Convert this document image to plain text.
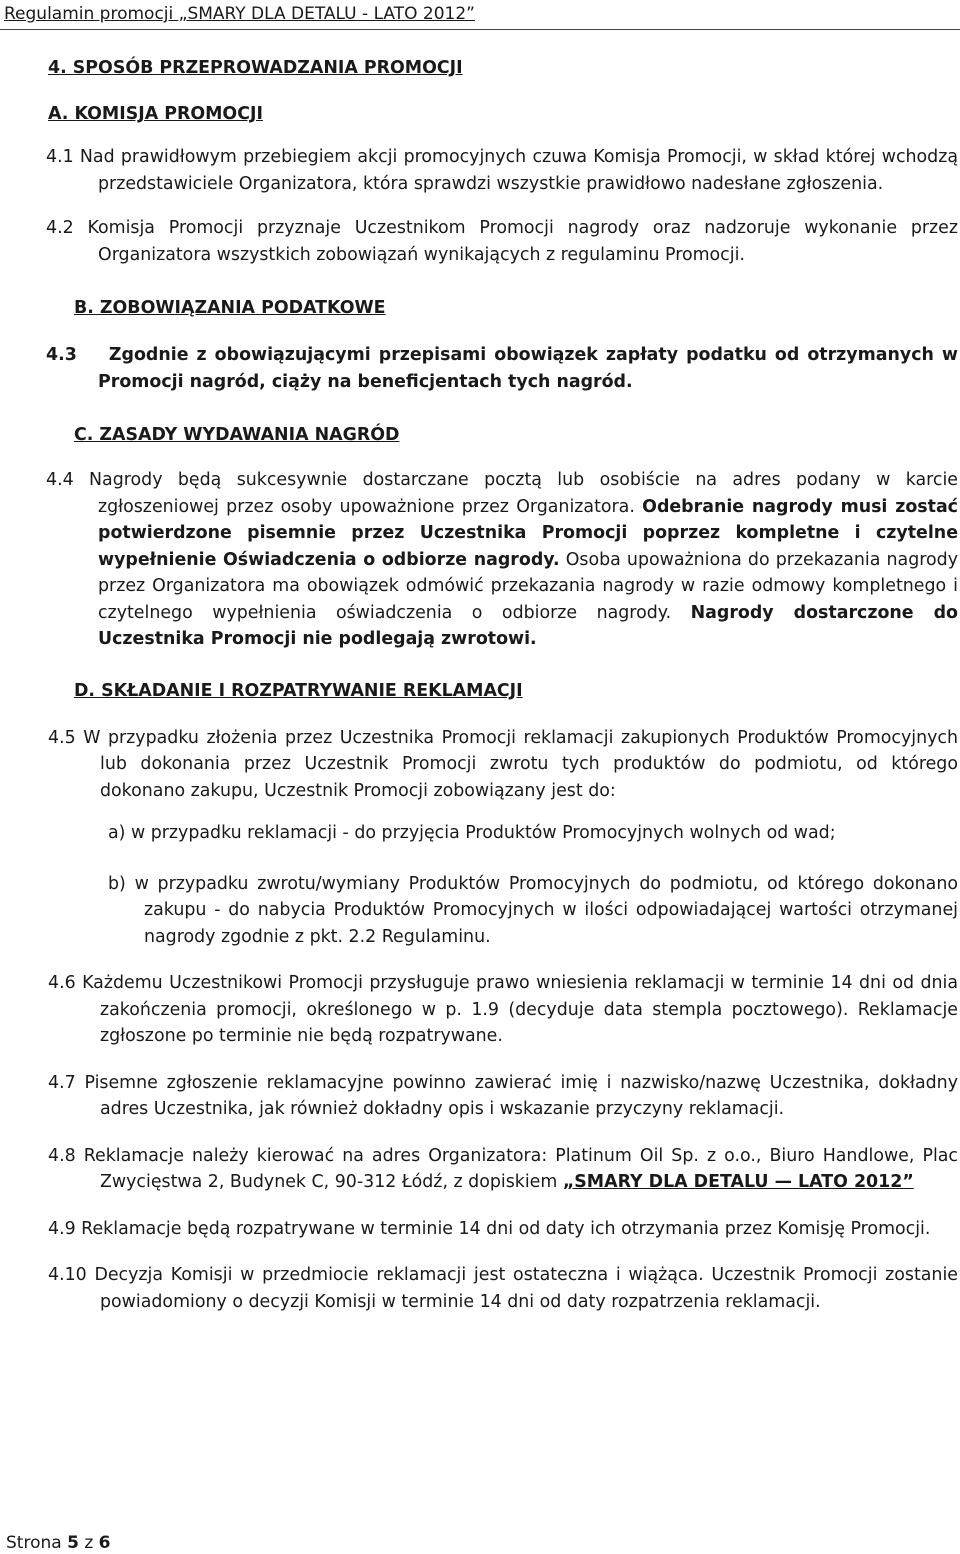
Regulamin promocji „SMARY DLA DETALU - LATO 2012”
4. SPOSÓB PRZEPROWADZANIA PROMOCJI
A. KOMISJA PROMOCJI
4.1 Nad prawidłowym przebiegiem akcji promocyjnych czuwa Komisja Promocji, w skład której wchodzą przedstawiciele Organizatora, która sprawdzi wszystkie prawidłowo nadesłane zgłoszenia.
4.2 Komisja Promocji przyznaje Uczestnikom Promocji nagrody oraz nadzoruje wykonanie przez Organizatora wszystkich zobowiązań wynikających z regulaminu Promocji.
B. ZOBOWIĄZANIA PODATKOWE
4.3 Zgodnie z obowiązującymi przepisami obowiązek zapłaty podatku od otrzymanych w Promocji nagród, ciąży na beneficjentach tych nagród.
C. ZASADY WYDAWANIA NAGRÓD
4.4 Nagrody będą sukcesywnie dostarczane pocztą lub osobiście na adres podany w karcie zgłoszeniowej przez osoby upoważnione przez Organizatora. Odebranie nagrody musi zostać potwierdzone pisemnie przez Uczestnika Promocji poprzez kompletne i czytelne wypełnienie Oświadczenia o odbiorze nagrody. Osoba upoważniona do przekazania nagrody przez Organizatora ma obowiązek odmówić przekazania nagrody w razie odmowy kompletnego i czytelnego wypełnienia oświadczenia o odbiorze nagrody. Nagrody dostarczone do Uczestnika Promocji nie podlegają zwrotowi.
D. SKŁADANIE I ROZPATRYWANIE REKLAMACJI
4.5 W przypadku złożenia przez Uczestnika Promocji reklamacji zakupionych Produktów Promocyjnych lub dokonania przez Uczestnik Promocji zwrotu tych produktów do podmiotu, od którego dokonano zakupu, Uczestnik Promocji zobowiązany jest do:
a) w przypadku reklamacji - do przyjęcia Produktów Promocyjnych wolnych od wad;
b) w przypadku zwrotu/wymiany Produktów Promocyjnych do podmiotu, od którego dokonano zakupu - do nabycia Produktów Promocyjnych w ilości odpowiadającej wartości otrzymanej nagrody zgodnie z pkt. 2.2 Regulaminu.
4.6 Każdemu Uczestnikowi Promocji przysługuje prawo wniesienia reklamacji w terminie 14 dni od dnia zakończenia promocji, określonego w p. 1.9 (decyduje data stempla pocztowego). Reklamacje zgłoszone po terminie nie będą rozpatrywane.
4.7 Pisemne zgłoszenie reklamacyjne powinno zawierać imię i nazwisko/nazwę Uczestnika, dokładny adres Uczestnika, jak również dokładny opis i wskazanie przyczyny reklamacji.
4.8 Reklamacje należy kierować na adres Organizatora: Platinum Oil Sp. z o.o., Biuro Handlowe, Plac Zwycięstwa 2, Budynek C, 90-312 Łódź, z dopiskiem „SMARY DLA DETALU — LATO 2012”
4.9 Reklamacje będą rozpatrywane w terminie 14 dni od daty ich otrzymania przez Komisję Promocji.
4.10 Decyzja Komisji w przedmiocie reklamacji jest ostateczna i wiążąca. Uczestnik Promocji zostanie powiadomiony o decyzji Komisji w terminie 14 dni od daty rozpatrzenia reklamacji.
Strona 5 z 6
